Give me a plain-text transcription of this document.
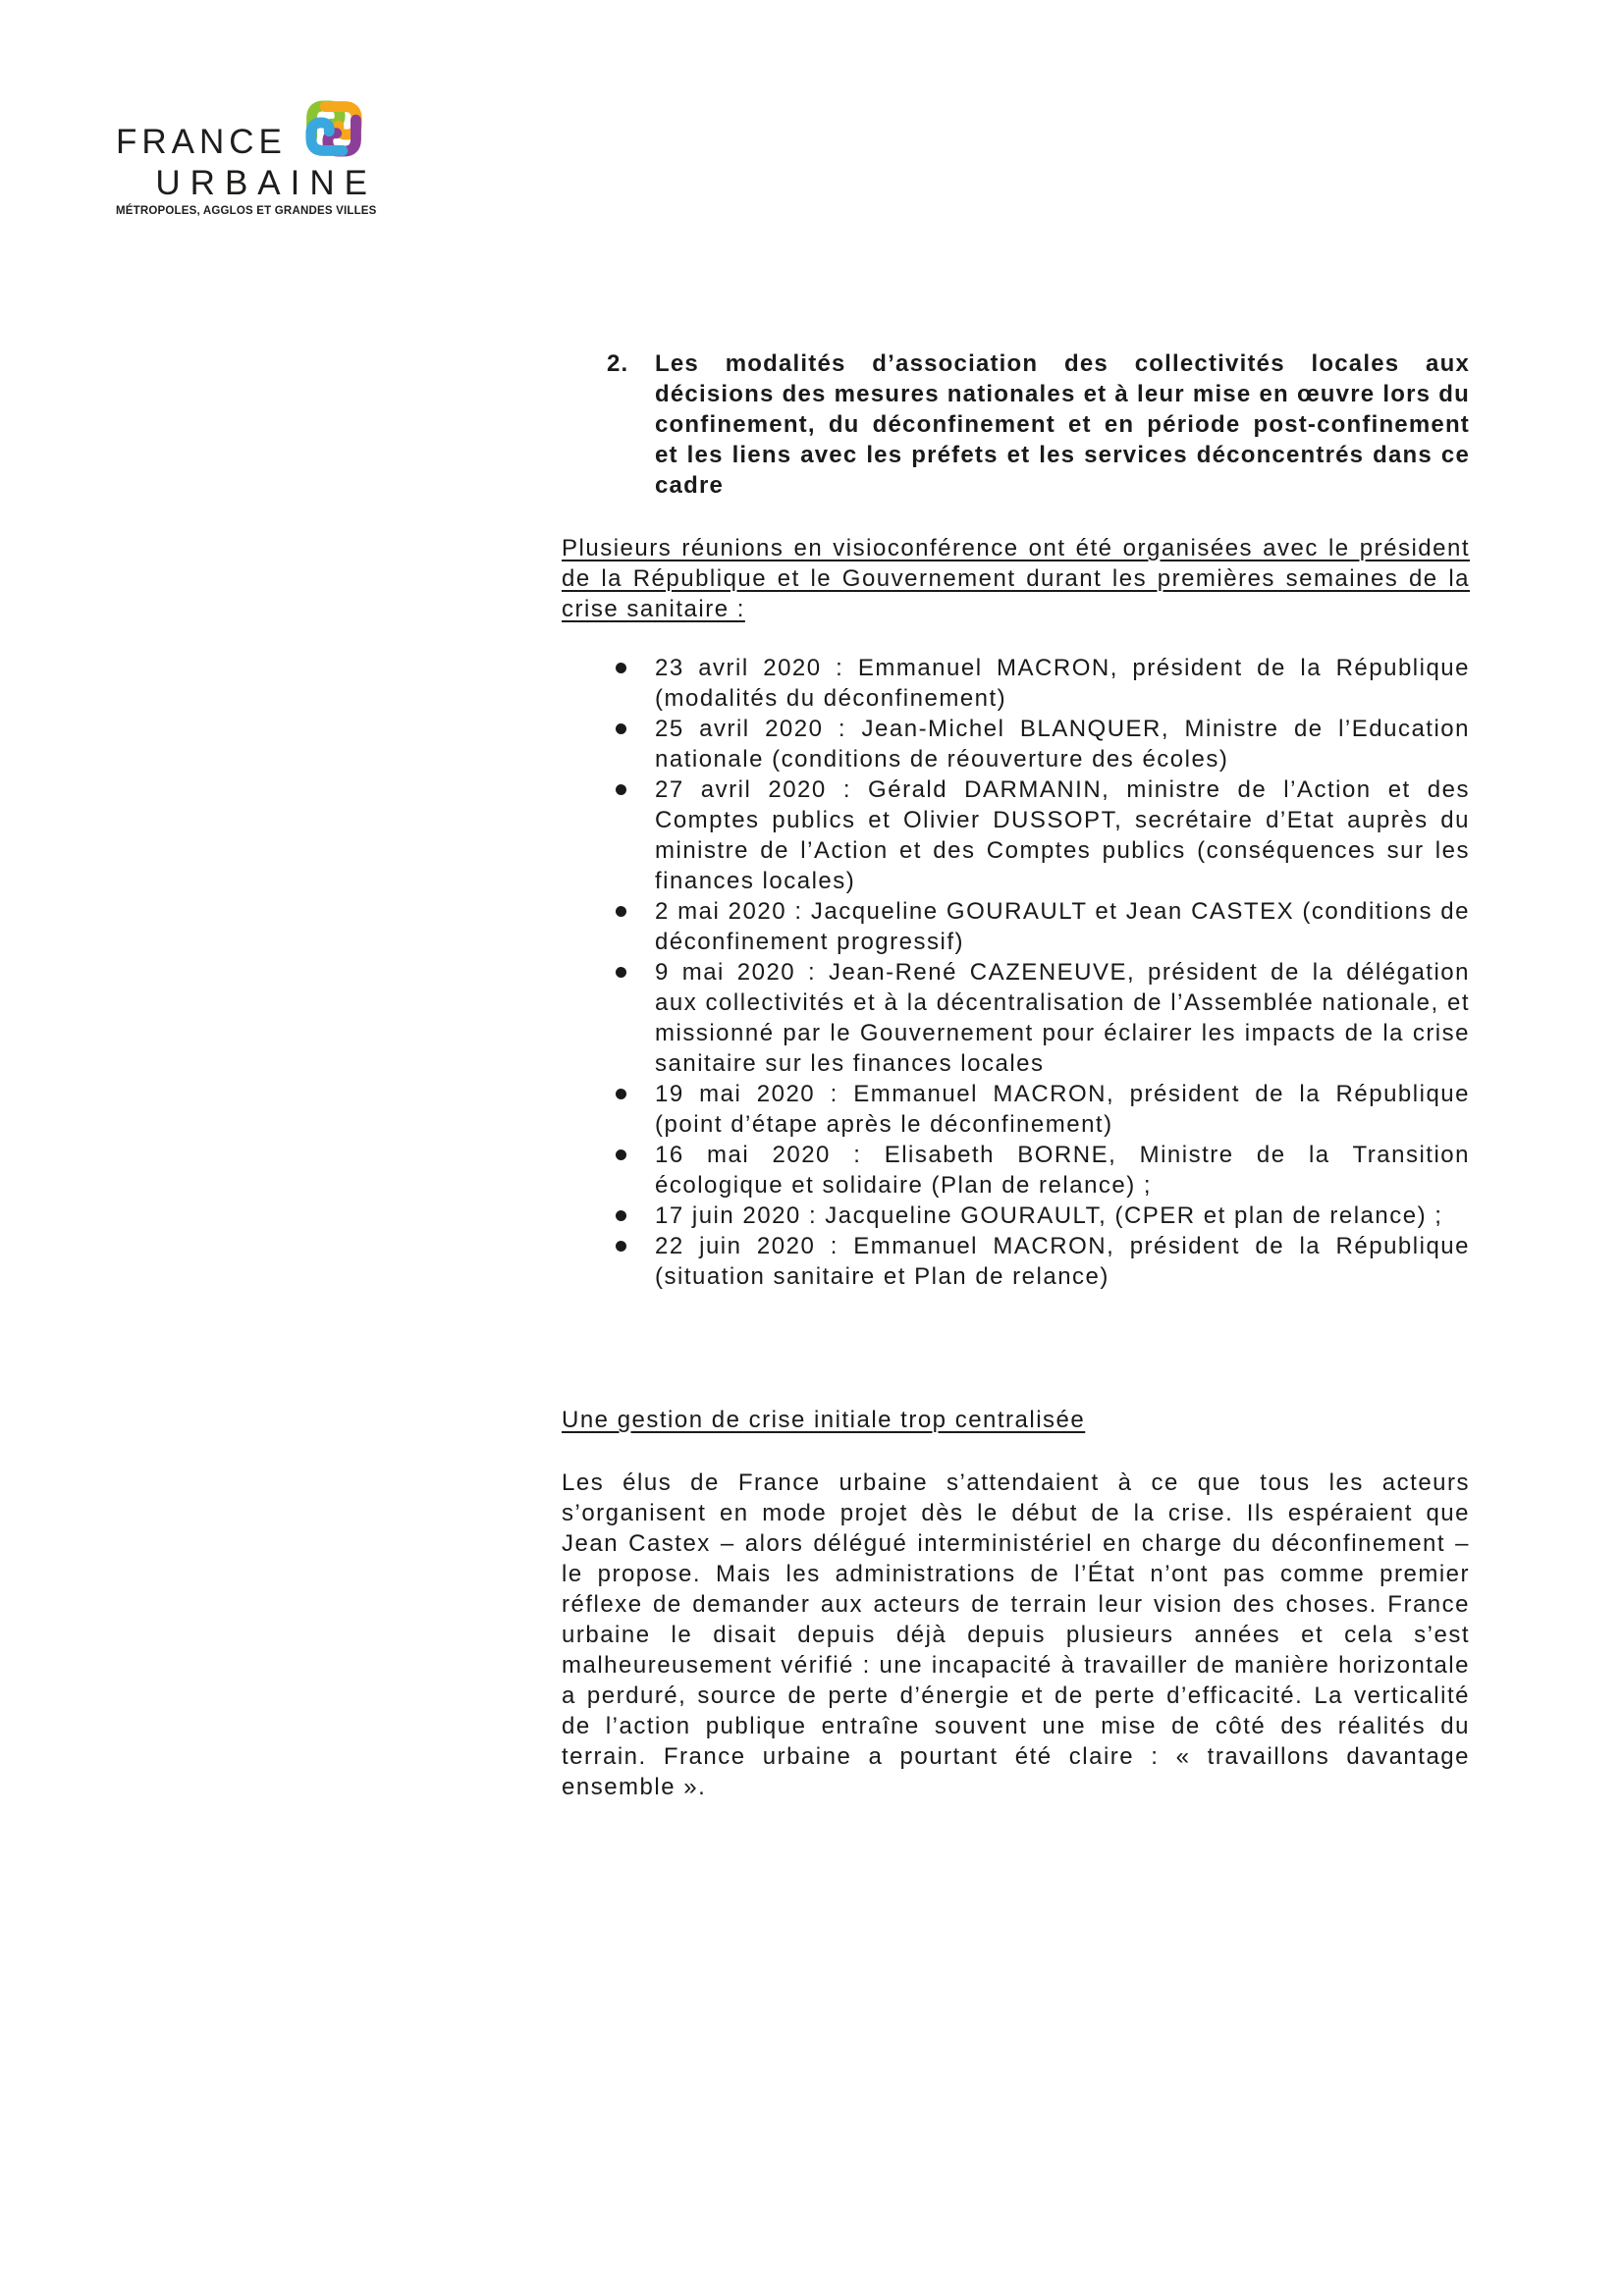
FRANCE
URBAINE
MÉTROPOLES, AGGLOS ET GRANDES VILLES
2. Les modalités d’association des collectivités locales aux décisions des mesures nationales et à leur mise en œuvre lors du confinement, du déconfinement et en période post-confinement et les liens avec les préfets et les services déconcentrés dans ce cadre

Plusieurs réunions en visioconférence ont été organisées avec le président de la République et le Gouvernement durant les premières semaines de la crise sanitaire :

23 avril 2020 : Emmanuel MACRON, président de la République (modalités du déconfinement)
25 avril 2020 : Jean-Michel BLANQUER, Ministre de l’Education nationale (conditions de réouverture des écoles)
27 avril 2020 : Gérald DARMANIN, ministre de l’Action et des Comptes publics et Olivier DUSSOPT, secrétaire d’Etat auprès du ministre de l’Action et des Comptes publics (conséquences sur les finances locales)
2 mai 2020 : Jacqueline GOURAULT et Jean CASTEX (conditions de déconfinement progressif)
9 mai 2020 : Jean-René CAZENEUVE, président de la délégation aux collectivités et à la décentralisation de l’Assemblée nationale, et missionné par le Gouvernement pour éclairer les impacts de la crise sanitaire sur les finances locales
19 mai 2020 : Emmanuel MACRON, président de la République (point d’étape après le déconfinement)
16 mai 2020 : Elisabeth BORNE, Ministre de la Transition écologique et solidaire (Plan de relance) ;
17 juin 2020 : Jacqueline GOURAULT, (CPER et plan de relance) ;
22 juin 2020 : Emmanuel MACRON, président de la République (situation sanitaire et Plan de relance)

Une gestion de crise initiale trop centralisée

Les élus de France urbaine s’attendaient à ce que tous les acteurs s’organisent en mode projet dès le début de la crise. Ils espéraient que Jean Castex – alors délégué interministériel en charge du déconfinement – le propose. Mais les administrations de l’État n’ont pas comme premier réflexe de demander aux acteurs de terrain leur vision des choses. France urbaine le disait depuis déjà depuis plusieurs années et cela s’est malheureusement vérifié : une incapacité à travailler de manière horizontale a perduré, source de perte d’énergie et de perte d’efficacité. La verticalité de l’action publique entraîne souvent une mise de côté des réalités du terrain. France urbaine a pourtant été claire : « travaillons davantage ensemble ».
